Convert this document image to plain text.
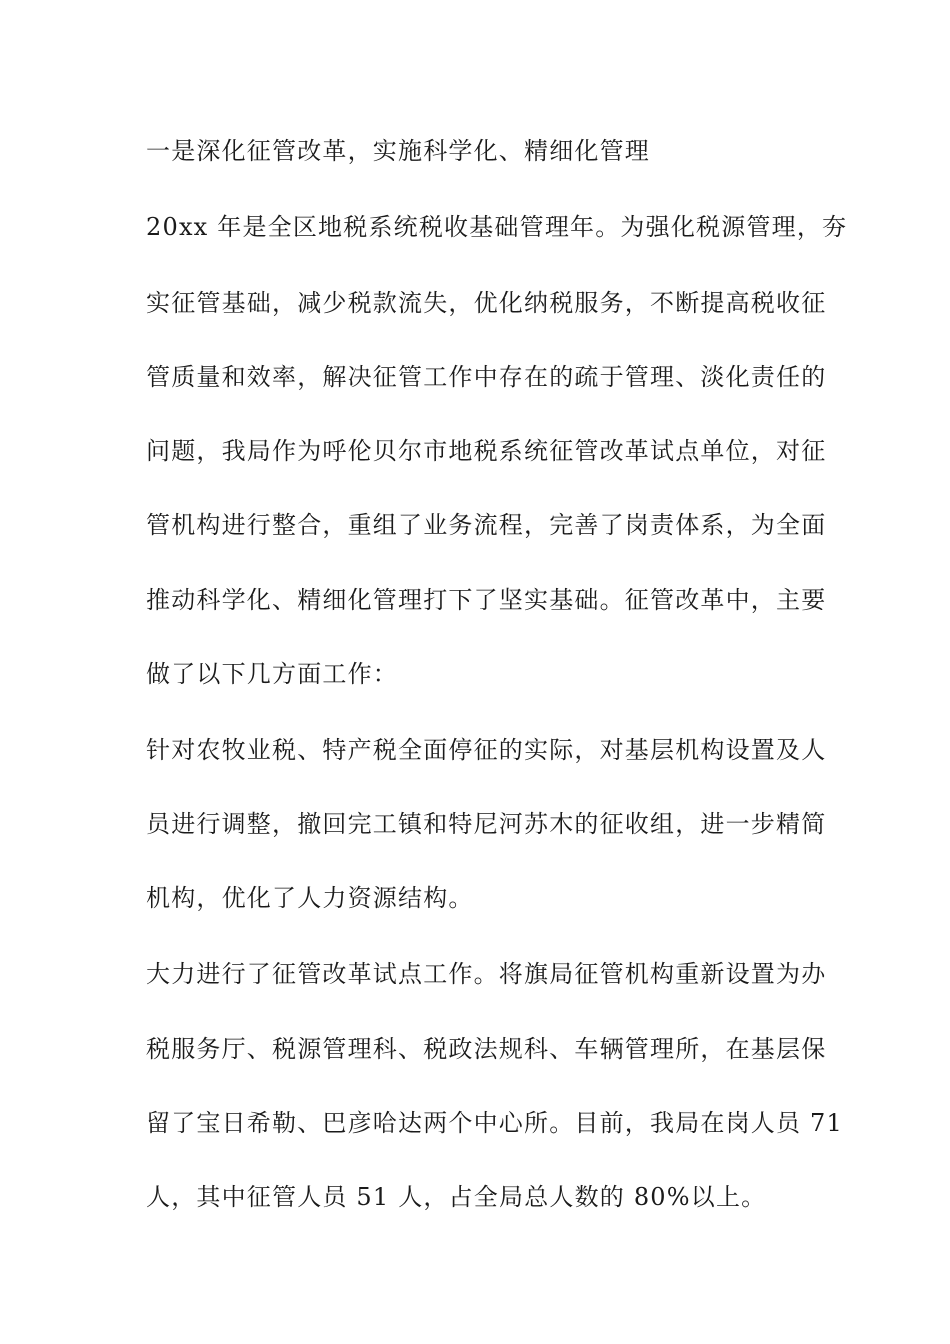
一是深化征管改革，实施科学化、精细化管理
20xx 年是全区地税系统税收基础管理年。为强化税源管理，夯
实征管基础，减少税款流失，优化纳税服务，不断提高税收征
管质量和效率，解决征管工作中存在的疏于管理、淡化责任的
问题，我局作为呼伦贝尔市地税系统征管改革试点单位，对征
管机构进行整合，重组了业务流程，完善了岗责体系，为全面
推动科学化、精细化管理打下了坚实基础。征管改革中，主要
做了以下几方面工作：
针对农牧业税、特产税全面停征的实际，对基层机构设置及人
员进行调整，撤回完工镇和特尼河苏木的征收组，进一步精简
机构，优化了人力资源结构。
大力进行了征管改革试点工作。将旗局征管机构重新设置为办
税服务厅、税源管理科、税政法规科、车辆管理所，在基层保
留了宝日希勒、巴彦哈达两个中心所。目前，我局在岗人员 71
人，其中征管人员 51 人，占全局总人数的 80%以上。
